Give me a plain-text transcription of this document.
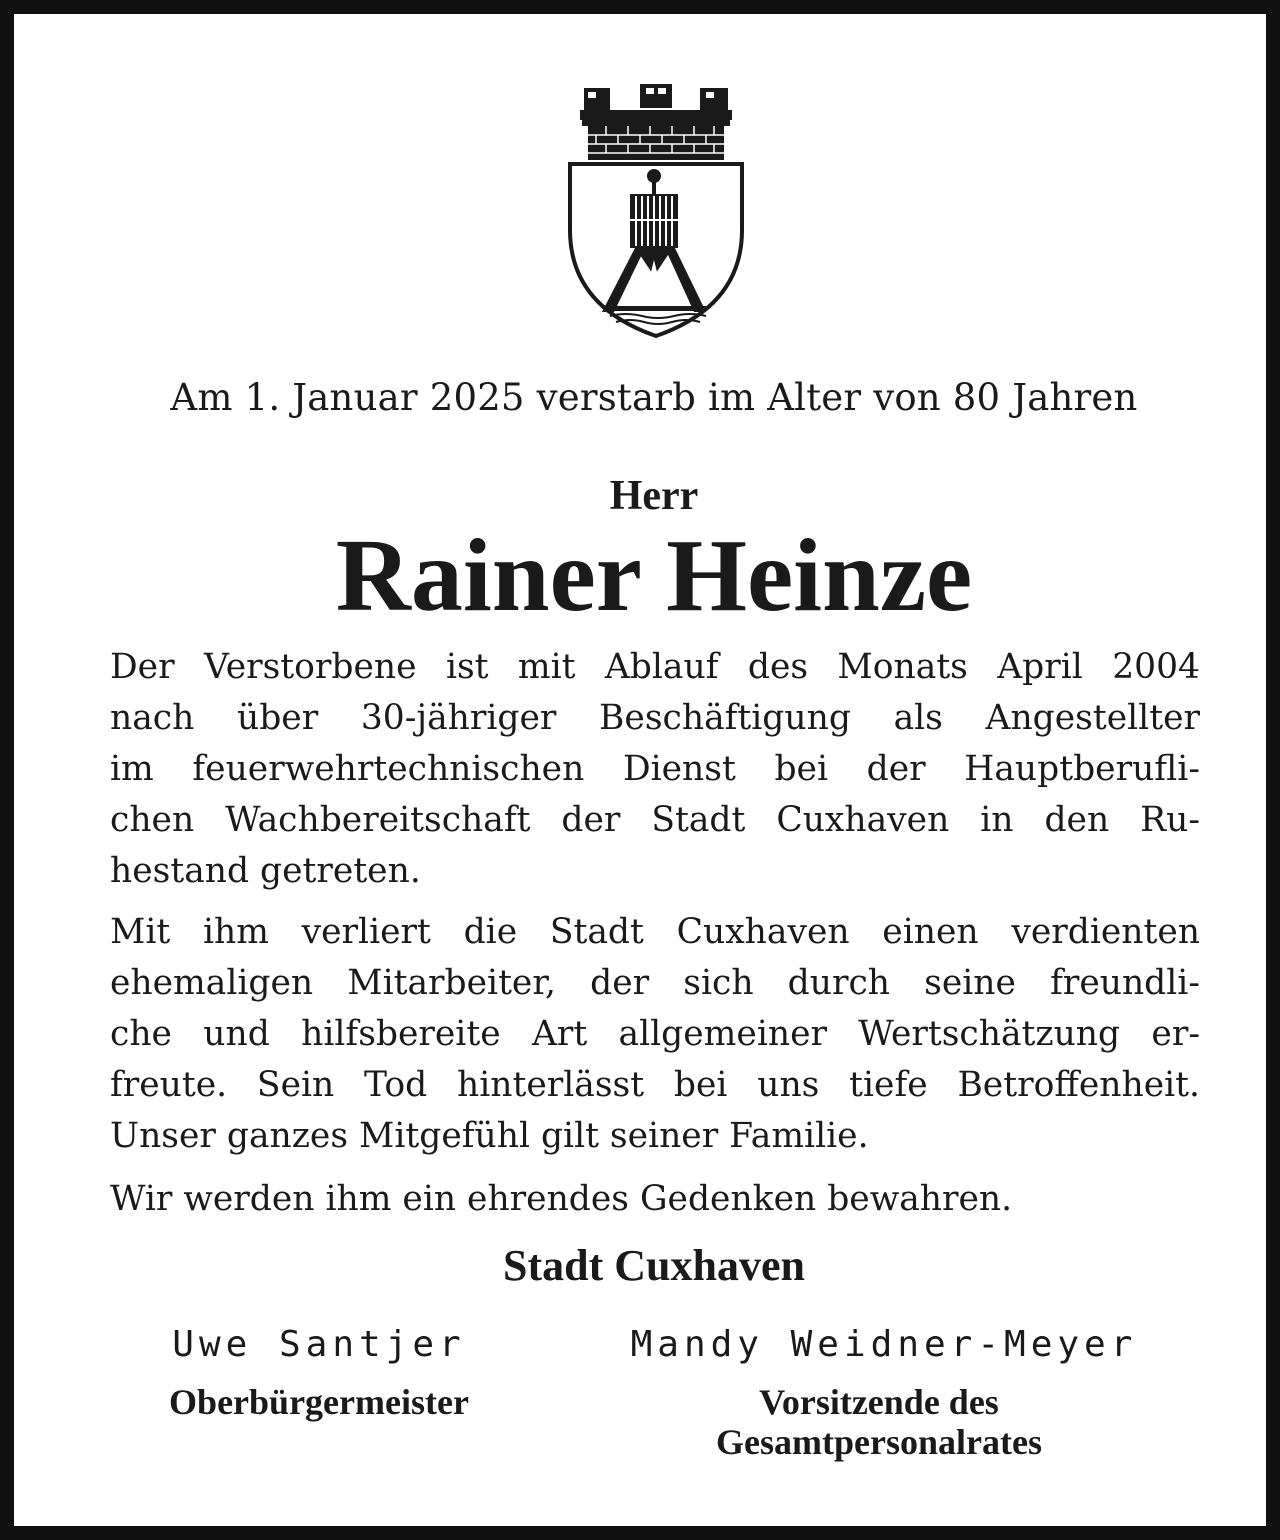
Am 1. Januar 2025 verstarb im Alter von 80 Jahren
Herr
Rainer Heinze
Der Verstorbene ist mit Ablauf des Monats April 2004
nach über 30-jähriger Beschäftigung als Angestellter
im feuerwehrtechnischen Dienst bei der Hauptberufli-
chen Wachbereitschaft der Stadt Cuxhaven in den Ru-
hestand getreten.
Mit ihm verliert die Stadt Cuxhaven einen verdienten
ehemaligen Mitarbeiter, der sich durch seine freundli-
che und hilfsbereite Art allgemeiner Wertschätzung er-
freute. Sein Tod hinterlässt bei uns tiefe Betroffenheit.
Unser ganzes Mitgefühl gilt seiner Familie.
Wir werden ihm ein ehrendes Gedenken bewahren.
Stadt Cuxhaven
Uwe Santjer	Mandy Weidner-Meyer
Oberbürgermeister	Vorsitzende des
Gesamtpersonalrates
